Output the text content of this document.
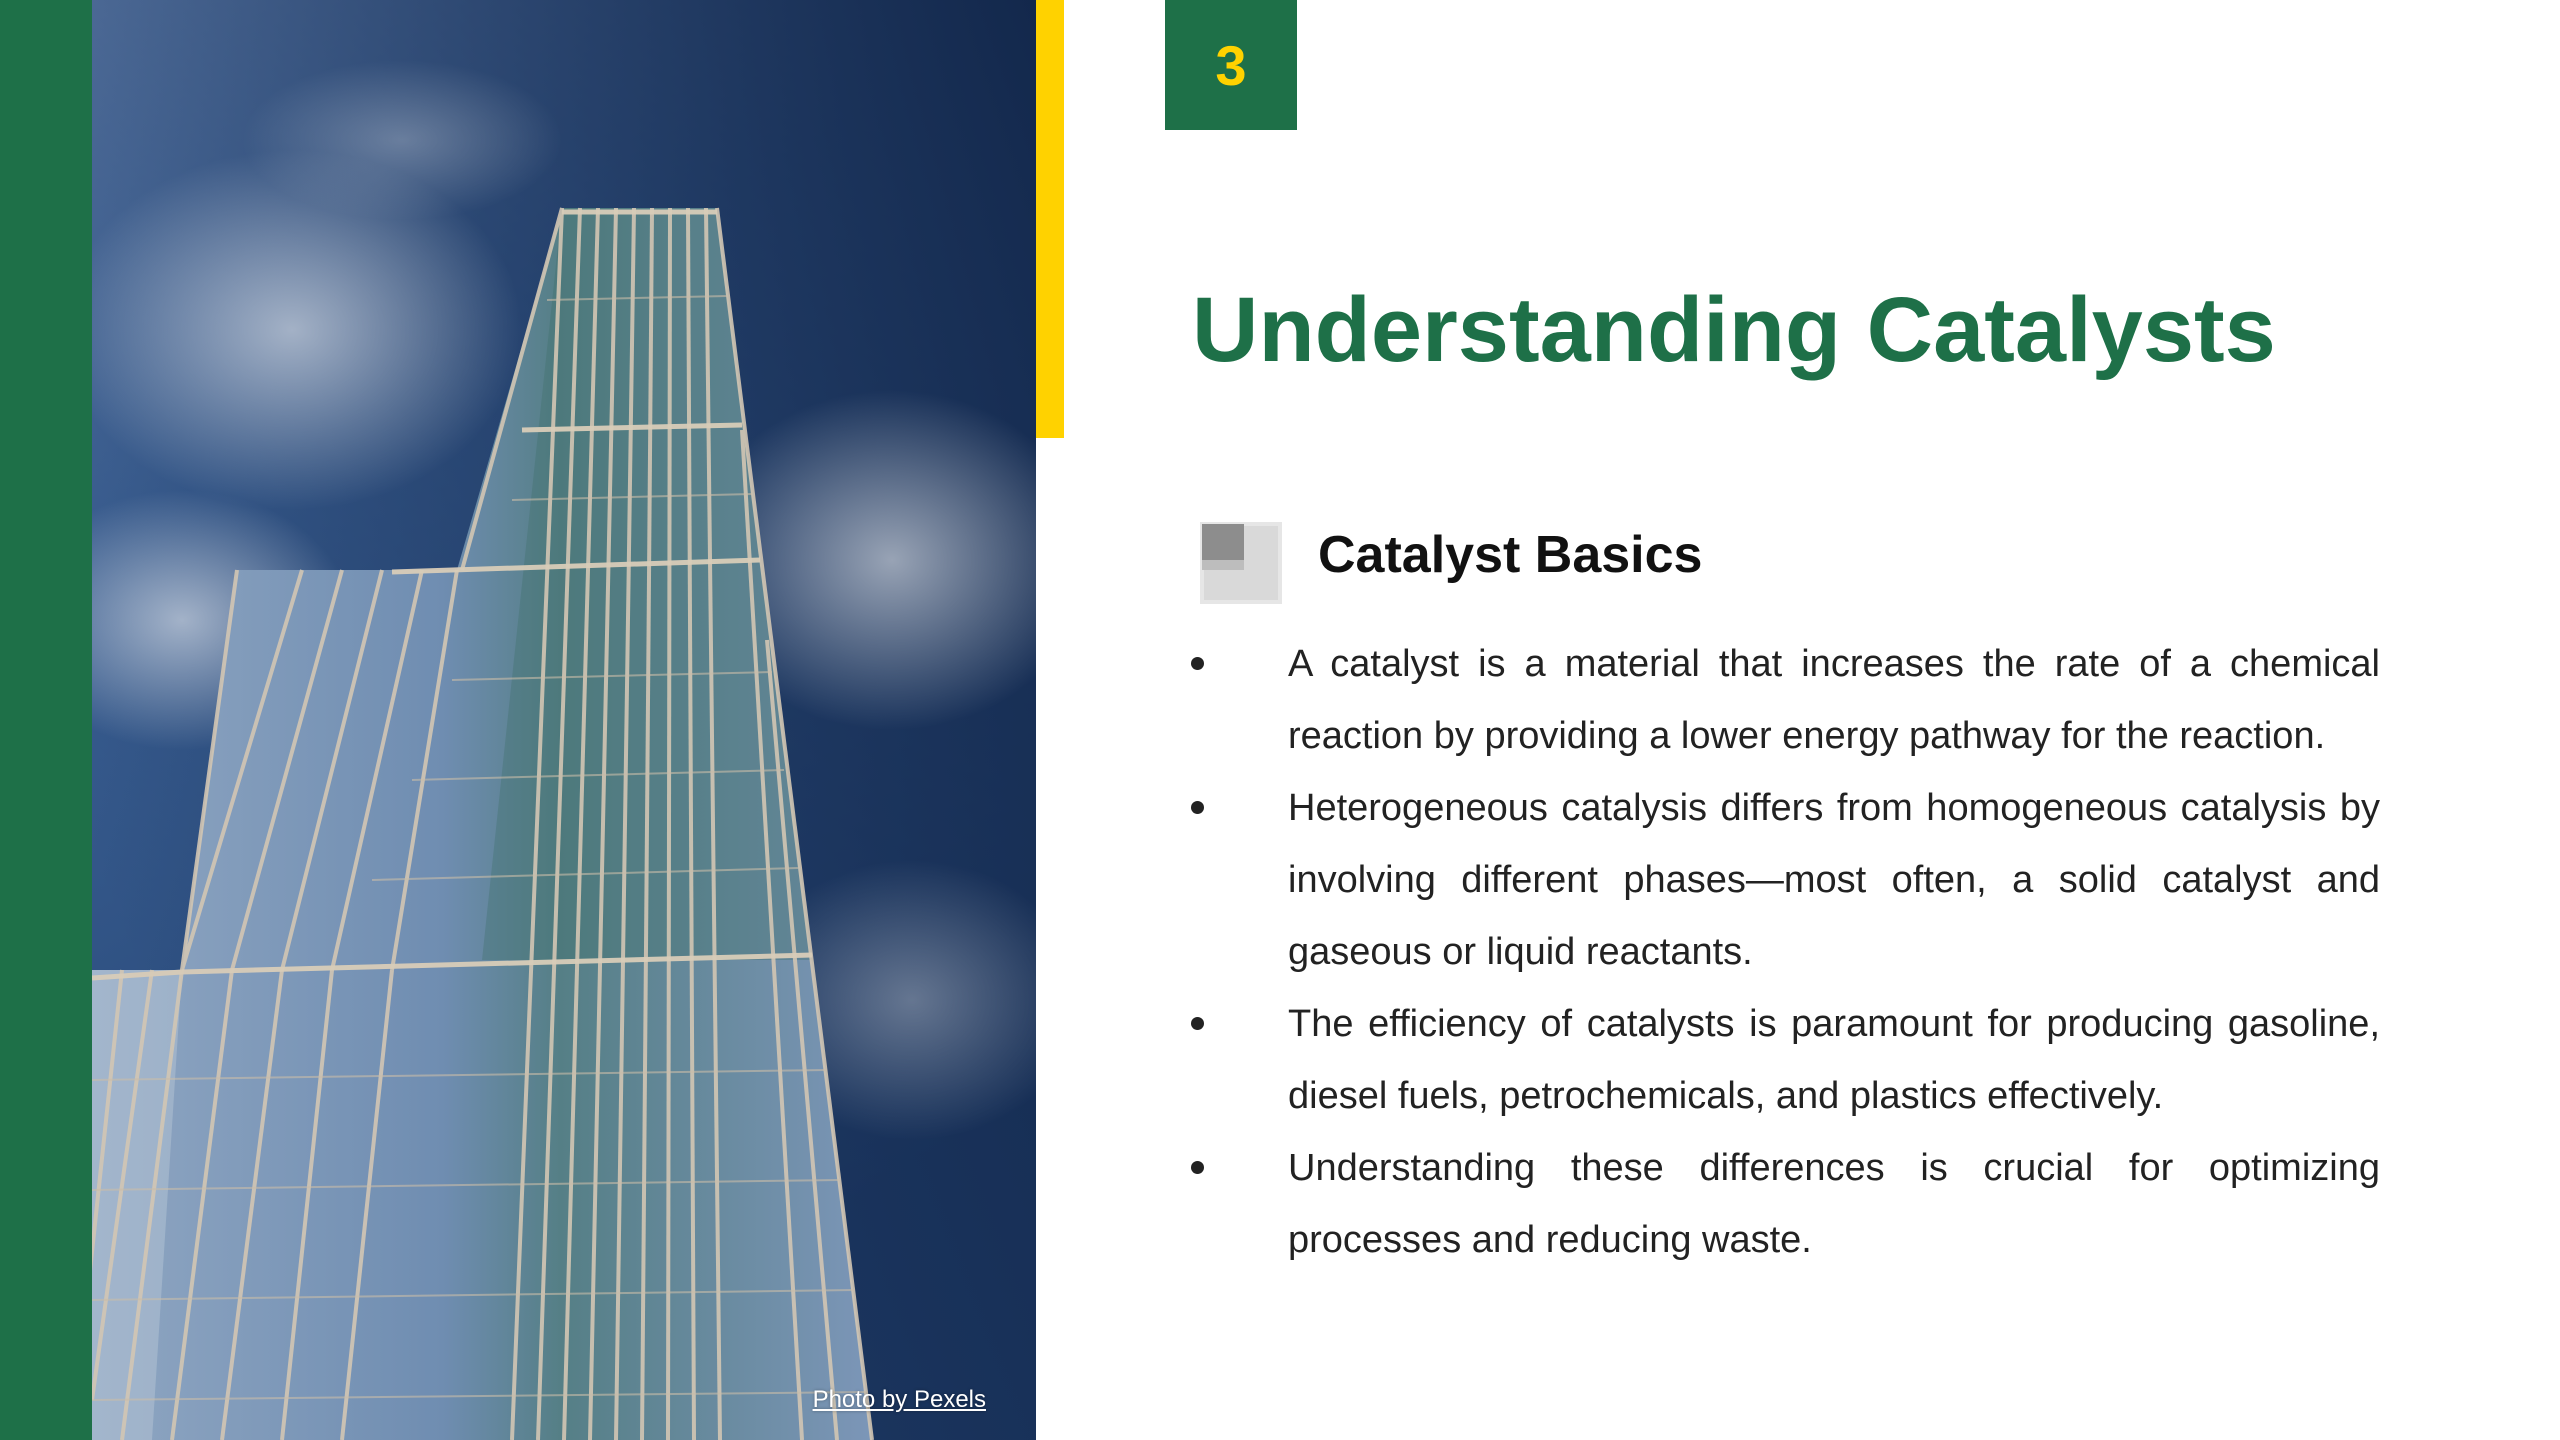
Photo by Pexels
3
Understanding Catalysts
Catalyst Basics
A catalyst is a material that increases the rate of a chemical reaction by providing a lower energy pathway for the reaction.
Heterogeneous catalysis differs from homogeneous catalysis by involving different phases—most often, a solid catalyst and gaseous or liquid reactants.
The efficiency of catalysts is paramount for producing gasoline, diesel fuels, petrochemicals, and plastics effectively.
Understanding these differences is crucial for optimizing processes and reducing waste.
